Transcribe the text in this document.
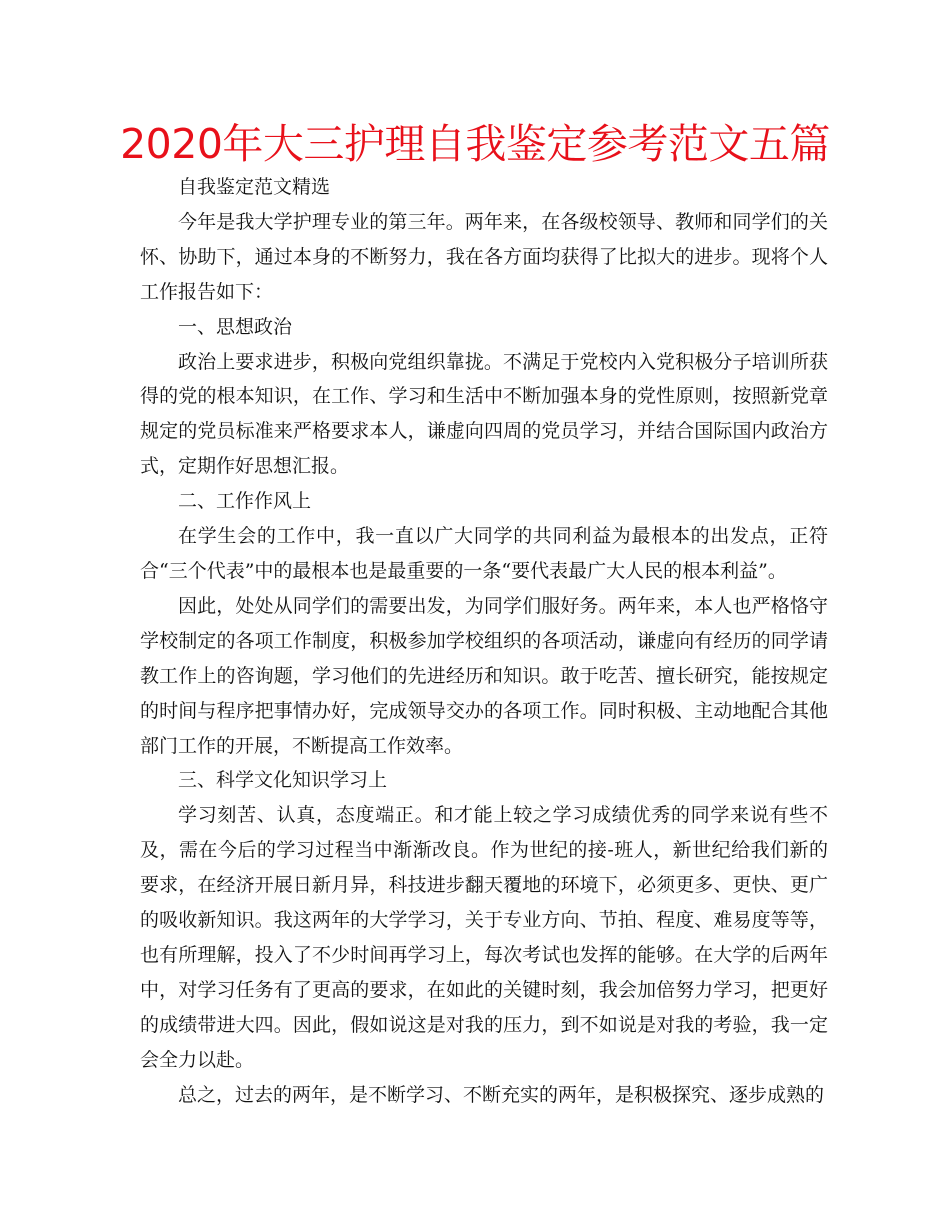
2020年大三护理自我鉴定参考范文五篇

自我鉴定范文精选

今年是我大学护理专业的第三年。两年来，在各级校领导、教师和同学们的关怀、协助下，通过本身的不断努力，我在各方面均获得了比拟大的进步。现将个人工作报告如下：

一、思想政治

政治上要求进步，积极向党组织靠拢。不满足于党校内入党积极分子培训所获得的党的根本知识，在工作、学习和生活中不断加强本身的党性原则，按照新党章规定的党员标准来严格要求本人，谦虚向四周的党员学习，并结合国际国内政治方式，定期作好思想汇报。

二、工作作风上

在学生会的工作中，我一直以广大同学的共同利益为最根本的出发点，正符合“三个代表”中的最根本也是最重要的一条“要代表最广大人民的根本利益”。

因此，处处从同学们的需要出发，为同学们服好务。两年来，本人也严格恪守学校制定的各项工作制度，积极参加学校组织的各项活动，谦虚向有经历的同学请教工作上的咨询题，学习他们的先进经历和知识。敢于吃苦、擅长研究，能按规定的时间与程序把事情办好，完成领导交办的各项工作。同时积极、主动地配合其他部门工作的开展，不断提高工作效率。

三、科学文化知识学习上

学习刻苦、认真，态度端正。和才能上较之学习成绩优秀的同学来说有些不及，需在今后的学习过程当中渐渐改良。作为世纪的接-班人，新世纪给我们新的要求，在经济开展日新月异，科技进步翻天覆地的环境下，必须更多、更快、更广的吸收新知识。我这两年的大学学习，关于专业方向、节拍、程度、难易度等等，也有所理解，投入了不少时间再学习上，每次考试也发挥的能够。在大学的后两年中，对学习任务有了更高的要求，在如此的关键时刻，我会加倍努力学习，把更好的成绩带进大四。因此，假如说这是对我的压力，到不如说是对我的考验，我一定会全力以赴。

总之，过去的两年，是不断学习、不断充实的两年，是积极探究、逐步成熟的
